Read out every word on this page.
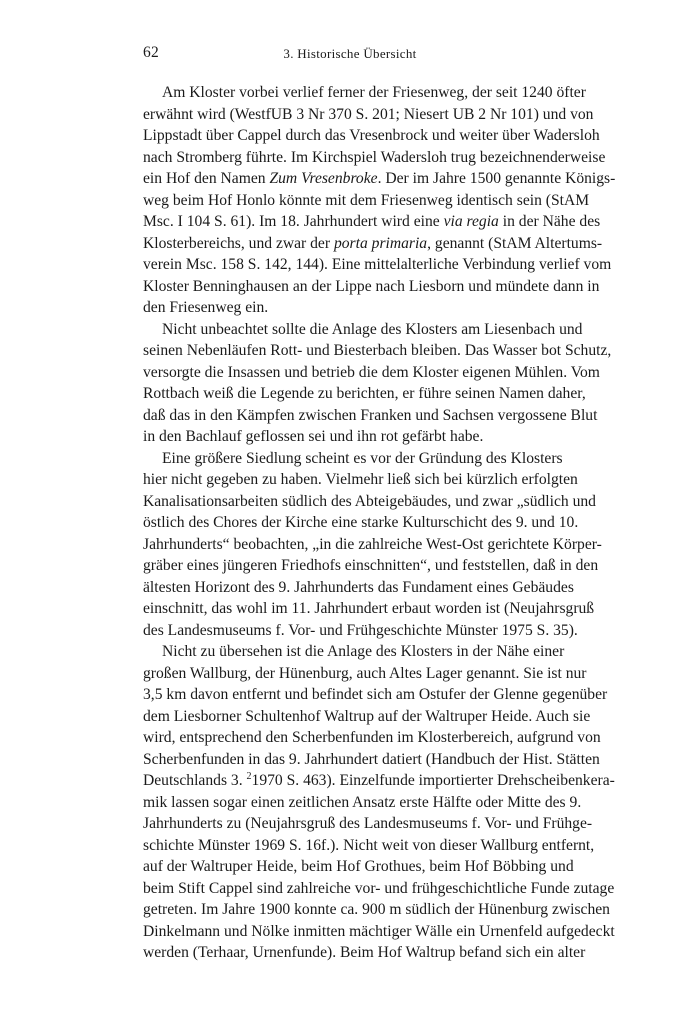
62	3. Historische Übersicht
Am Kloster vorbei verlief ferner der Friesenweg, der seit 1240 öfter
erwähnt wird (WestfUB 3 Nr 370 S. 201; Niesert UB 2 Nr 101) und von
Lippstadt über Cappel durch das Vresenbrock und weiter über Wadersloh
nach Stromberg führte. Im Kirchspiel Wadersloh trug bezeichnenderweise
ein Hof den Namen Zum Vresenbroke. Der im Jahre 1500 genannte Königs-
weg beim Hof Honlo könnte mit dem Friesenweg identisch sein (StAM
Msc. I 104 S. 61). Im 18. Jahrhundert wird eine via regia in der Nähe des
Klosterbereichs, und zwar der porta primaria, genannt (StAM Altertums-
verein Msc. 158 S. 142, 144). Eine mittelalterliche Verbindung verlief vom
Kloster Benninghausen an der Lippe nach Liesborn und mündete dann in
den Friesenweg ein.
Nicht unbeachtet sollte die Anlage des Klosters am Liesenbach und
seinen Nebenläufen Rott- und Biesterbach bleiben. Das Wasser bot Schutz,
versorgte die Insassen und betrieb die dem Kloster eigenen Mühlen. Vom
Rottbach weiß die Legende zu berichten, er führe seinen Namen daher,
daß das in den Kämpfen zwischen Franken und Sachsen vergossene Blut
in den Bachlauf geflossen sei und ihn rot gefärbt habe.
Eine größere Siedlung scheint es vor der Gründung des Klosters
hier nicht gegeben zu haben. Vielmehr ließ sich bei kürzlich erfolgten
Kanalisationsarbeiten südlich des Abteigebäudes, und zwar „südlich und
östlich des Chores der Kirche eine starke Kulturschicht des 9. und 10.
Jahrhunderts“ beobachten, „in die zahlreiche West-Ost gerichtete Körper-
gräber eines jüngeren Friedhofs einschnitten“, und feststellen, daß in den
ältesten Horizont des 9. Jahrhunderts das Fundament eines Gebäudes
einschnitt, das wohl im 11. Jahrhundert erbaut worden ist (Neujahrsgruß
des Landesmuseums f. Vor- und Frühgeschichte Münster 1975 S. 35).
Nicht zu übersehen ist die Anlage des Klosters in der Nähe einer
großen Wallburg, der Hünenburg, auch Altes Lager genannt. Sie ist nur
3,5 km davon entfernt und befindet sich am Ostufer der Glenne gegenüber
dem Liesborner Schultenhof Waltrup auf der Waltruper Heide. Auch sie
wird, entsprechend den Scherbenfunden im Klosterbereich, aufgrund von
Scherbenfunden in das 9. Jahrhundert datiert (Handbuch der Hist. Stätten
Deutschlands 3. $^2$1970 S. 463). Einzelfunde importierter Drehscheibenkera-
mik lassen sogar einen zeitlichen Ansatz erste Hälfte oder Mitte des 9.
Jahrhunderts zu (Neujahrsgruß des Landesmuseums f. Vor- und Frühge-
schichte Münster 1969 S. 16f.). Nicht weit von dieser Wallburg entfernt,
auf der Waltruper Heide, beim Hof Grothues, beim Hof Böbbing und
beim Stift Cappel sind zahlreiche vor- und frühgeschichtliche Funde zutage
getreten. Im Jahre 1900 konnte ca. 900 m südlich der Hünenburg zwischen
Dinkelmann und Nölke inmitten mächtiger Wälle ein Urnenfeld aufgedeckt
werden (Terhaar, Urnenfunde). Beim Hof Waltrup befand sich ein alter
